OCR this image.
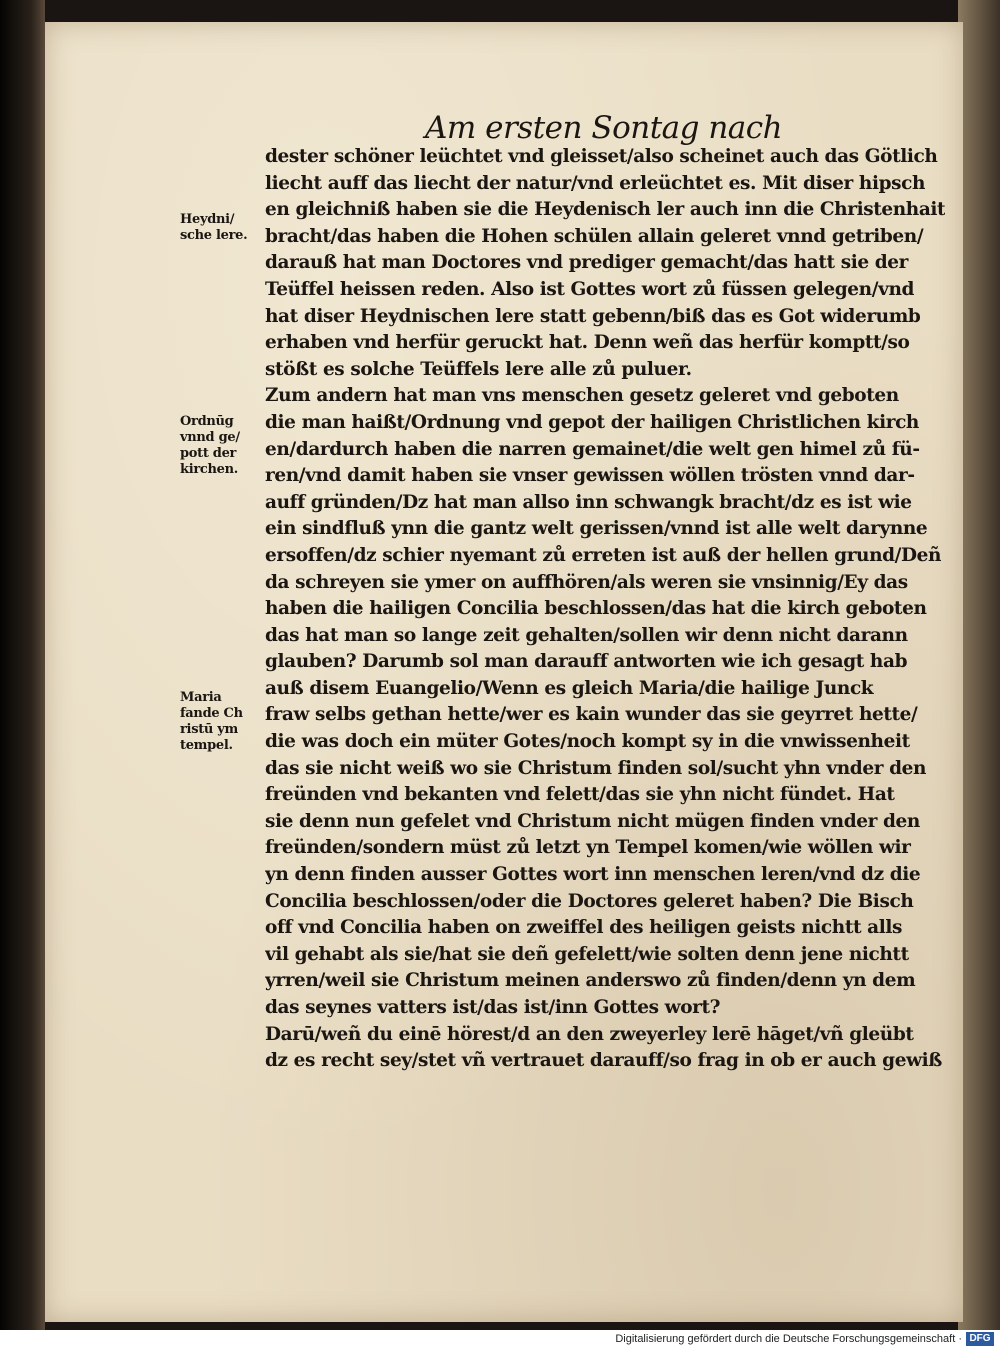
Am ersten Sontag nach
dester schöner leüchtet vnd gleisset/also scheinet auch das Götlich
liecht auff das liecht der natur/vnd erleüchtet es. Mit diser hipsch
en gleichniß haben sie die Heydenisch ler auch inn die Christenhait
bracht/das haben die Hohen schülen allain geleret vnnd getriben/
darauß hat man Doctores vnd prediger gemacht/das hatt sie der
Teüffel heissen reden. Also ist Gottes wort zů füssen gelegen/vnd
hat diser Heydnischen lere statt gebenn/biß das es Got widerumb
erhaben vnd herfür geruckt hat. Denn weñ das herfür komptt/so
stößt es solche Teüffels lere alle zů puluer.
Zum andern hat man vns menschen gesetz geleret vnd geboten
die man haißt/Ordnung vnd gepot der hailigen Christlichen kirch
en/dardurch haben die narren gemainet/die welt gen himel zů fü-
ren/vnd damit haben sie vnser gewissen wöllen trösten vnnd dar-
auff gründen/Dz hat man allso inn schwangk bracht/dz es ist wie
ein sindfluß ynn die gantz welt gerissen/vnnd ist alle welt darynne
ersoffen/dz schier nyemant zů erreten ist auß der hellen grund/Deñ
da schreyen sie ymer on auffhören/als weren sie vnsinnig/Ey das
haben die hailigen Concilia beschlossen/das hat die kirch geboten
das hat man so lange zeit gehalten/sollen wir denn nicht darann
glauben? Darumb sol man darauff antworten wie ich gesagt hab
auß disem Euangelio/Wenn es gleich Maria/die hailige Junck
fraw selbs gethan hette/wer es kain wunder das sie geyrret hette/
die was doch ein müter Gotes/noch kompt sy in die vnwissenheit
das sie nicht weiß wo sie Christum finden sol/sucht yhn vnder den
freünden vnd bekanten vnd felett/das sie yhn nicht fündet. Hat
sie denn nun gefelet vnd Christum nicht mügen finden vnder den
freünden/sondern müst zů letzt yn Tempel komen/wie wöllen wir
yn denn finden ausser Gottes wort inn menschen leren/vnd dz die
Concilia beschlossen/oder die Doctores geleret haben? Die Bisch
off vnd Concilia haben on zweiffel des heiligen geists nichtt alls
vil gehabt als sie/hat sie deñ gefelett/wie solten denn jene nichtt
yrren/weil sie Christum meinen anderswo zů finden/denn yn dem
das seynes vatters ist/das ist/inn Gottes wort?
Darū/weñ du einē hörest/d an den zweyerley lerē hāget/vñ gleübt
dz es recht sey/stet vñ vertrauet darauff/so frag in ob er auch gewiß
Heydni/
sche lere.
Ordnūg
vnnd ge/
pott der
kirchen.
Maria
fande Ch
ristū ym
tempel.
Digitalisierung gefördert durch die Deutsche Forschungsgemeinschaft · DFG
